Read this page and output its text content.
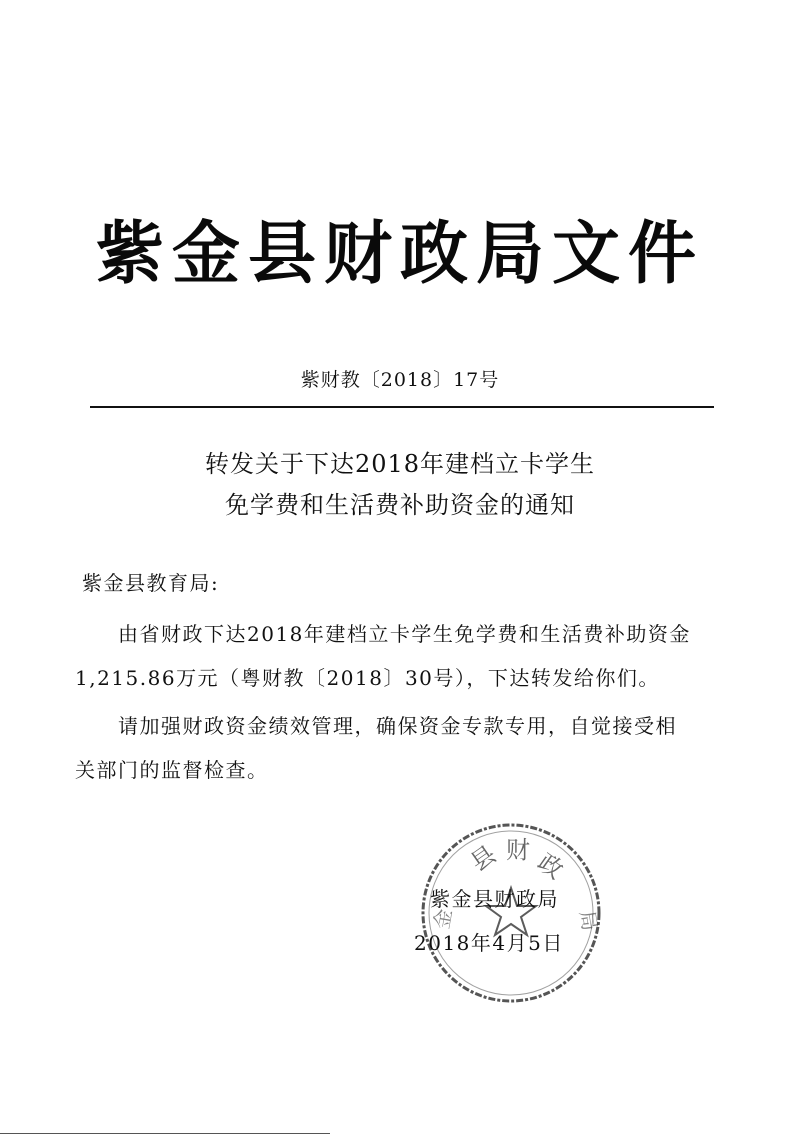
紫金县财政局文件
紫财教〔2018〕17号
转发关于下达2018年建档立卡学生
免学费和生活费补助资金的通知
紫金县教育局:
由省财政下达2018年建档立卡学生免学费和生活费补助资金
1,215.86万元（粤财教〔2018〕30号），下达转发给你们。
请加强财政资金绩效管理，确保资金专款专用，自觉接受相
关部门的监督检查。
县 财 政
金	局
紫金县财政局
2018年4月5日
